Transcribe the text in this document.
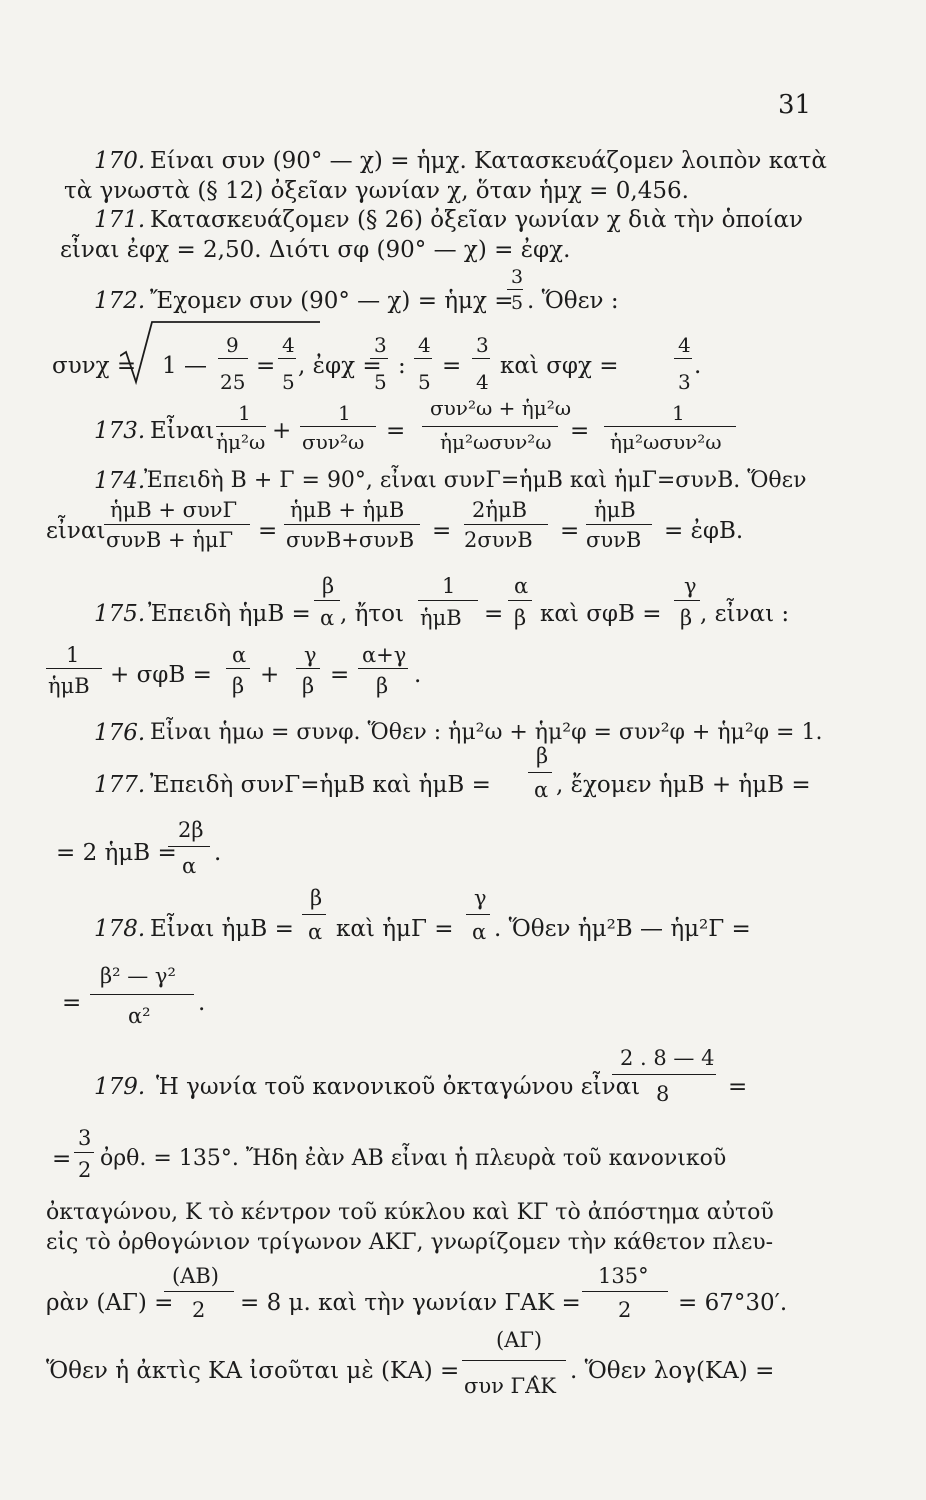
31
170. Είναι συν (90° — χ) = ἡμχ. Κατασκευάζομεν λοιπὸν κατὰ
τὰ γνωστὰ (§ 12) ὀξεῖαν γωνίαν χ, ὅταν ἡμχ = 0,456.
171. Κατασκευάζομεν (§ 26) ὀξεῖαν γωνίαν χ διὰ τὴν ὁποίαν
εἶναι ἐφχ = 2,50. Διότι σφ (90° — χ) = ἐφχ.
172. Ἔχομεν συν (90° — χ) = ἡμχ =
3
5 . Ὅθεν :
συνχ = 1 —
9
25
=
4
5
, ἐφχ =
3
5
:
4
5
=
3
4
καὶ σφχ =
4
3
.
173. Εἶναι
1
ἡμ²ω +
1
συν²ω =
συν²ω + ἡμ²ω
ἡμ²ωσυν²ω =
1
ἡμ²ωσυν²ω
174.
Ἐπειδὴ Β + Γ = 90°, εἶναι συνΓ=ἡμΒ καὶ ἡμΓ=συνΒ. Ὅθεν
εἶναι
ἡμΒ + συνΓ
συνΒ + ἡμΓ =
ἡμΒ + ἡμΒ
συνΒ+συνΒ =
2ἡμΒ
2συνΒ =
ἡμΒ
συνΒ = ἐφΒ.
175. Ἐπειδὴ ἡμΒ =
β
α , ἤτοι
1
ἡμΒ =
α
β καὶ σφΒ =
γ
β , εἶναι :
1
ἡμΒ + σφΒ =
α
β +
γ
β =
α+γ
β .
176. Εἶναι ἡμω = συνφ. Ὅθεν : ἡμ²ω + ἡμ²φ = συν²φ + ἡμ²φ = 1.
177. Ἐπειδὴ συνΓ=ἡμΒ καὶ ἡμΒ =
β
α , ἔχομεν ἡμΒ + ἡμΒ =
= 2 ἡμΒ =
2β
α .
178. Εἶναι ἡμΒ =
β
α καὶ ἡμΓ =
γ
α . Ὅθεν ἡμ²Β — ἡμ²Γ =
=
β² — γ²
α² .
179. Ἡ γωνία τοῦ κανονικοῦ ὀκταγώνου εἶναι
2 . 8 — 4
8	=
=
3
2 ὀρθ. = 135°. Ἤδη ἐὰν ΑΒ εἶναι ἡ πλευρὰ τοῦ κανονικοῦ
ὀκταγώνου, Κ τὸ κέντρον τοῦ κύκλου καὶ ΚΓ τὸ ἀπόστημα αὐτοῦ
εἰς τὸ ὀρθογώνιον τρίγωνον ΑΚΓ, γνωρίζομεν τὴν κάθετον πλευ-
ρὰν (ΑΓ) =
(ΑΒ)
2 = 8 μ. καὶ τὴν γωνίαν ΓΑΚ =
135°
2 = 67°30′.
Ὅθεν ἡ ἀκτὶς ΚΑ ἰσοῦται μὲ (ΚΑ) =
(ΑΓ)
συν ΓΑ̂Κ
. Ὅθεν λογ(ΚΑ) =
